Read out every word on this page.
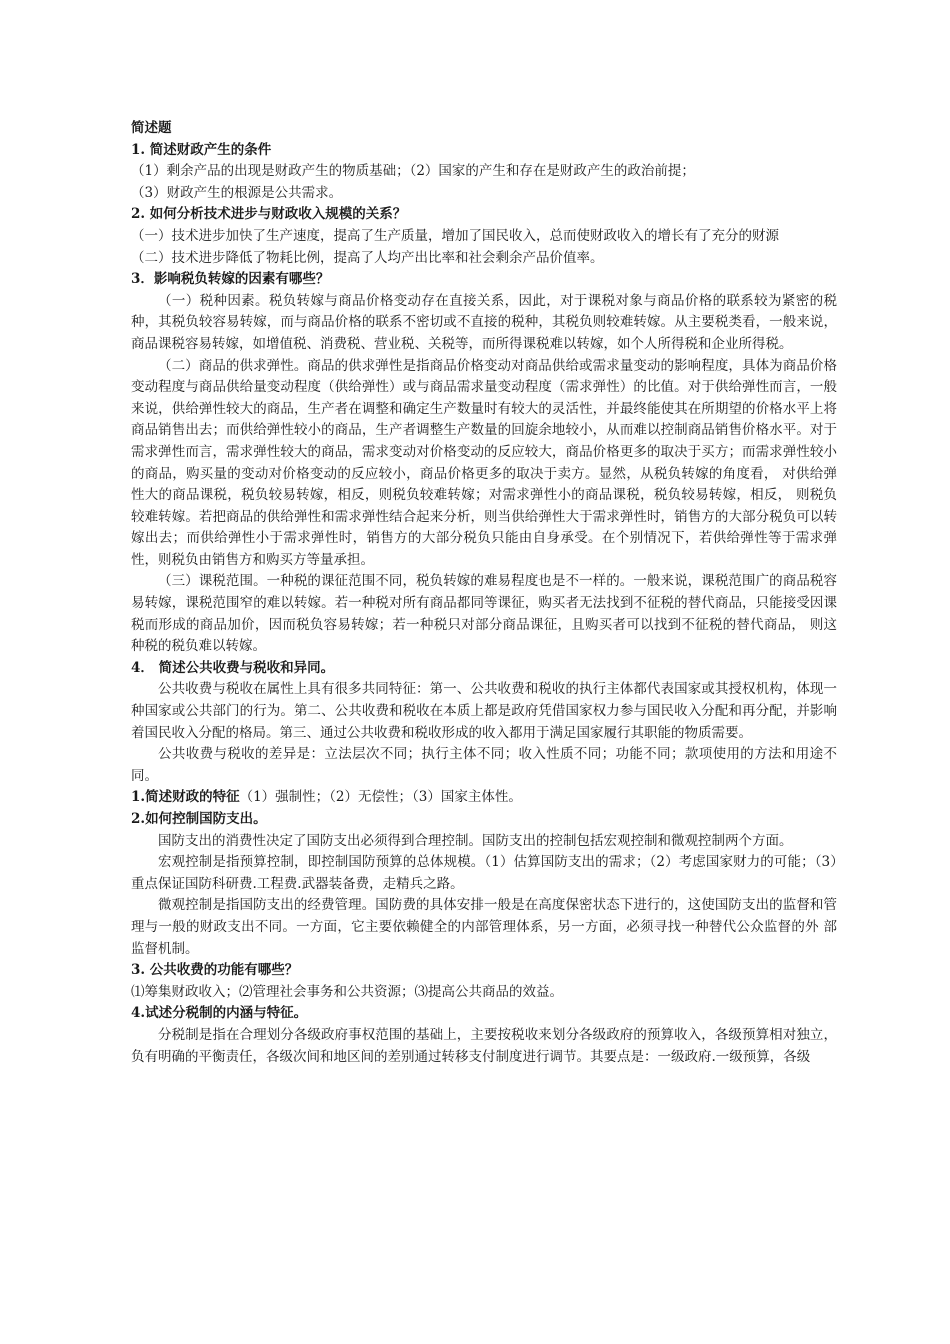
简述题

1. 简述财政产生的条件

（1）剩余产品的出现是财政产生的物质基础；（2）国家的产生和存在是财政产生的政治前提；

（3）财政产生的根源是公共需求。

2. 如何分析技术进步与财政收入规模的关系？

（一）技术进步加快了生产速度，提高了生产质量，增加了国民收入，总而使财政收入的增长有了充分的财源

（二）技术进步降低了物耗比例，提高了人均产出比率和社会剩余产品价值率。

3．影响税负转嫁的因素有哪些？

（一）税种因素。税负转嫁与商品价格变动存在直接关系，因此，对于课税对象与商品价格的联系较为紧密的税种，其税负较容易转嫁，而与商品价格的联系不密切或不直接的税种，其税负则较难转嫁。从主要税类看，一般来说， 商品课税容易转嫁，如增值税、消费税、营业税、关税等，而所得课税难以转嫁，如个人所得税和企业所得税。

（二）商品的供求弹性。商品的供求弹性是指商品价格变动对商品供给或需求量变动的影响程度，具体为商品价格变动程度与商品供给量变动程度（供给弹性）或与商品需求量变动程度（需求弹性）的比值。对于供给弹性而言，一般来说，供给弹性较大的商品，生产者在调整和确定生产数量时有较大的灵活性，并最终能使其在所期望的价格水平上将商品销售出去；而供给弹性较小的商品，生产者调整生产数量的回旋余地较小，从而难以控制商品销售价格水平。对于需求弹性而言，需求弹性较大的商品，需求变动对价格变动的反应较大，商品价格更多的取决于买方；而需求弹性较小的商品，购买量的变动对价格变动的反应较小，商品价格更多的取决于卖方。显然，从税负转嫁的角度看， 对供给弹性大的商品课税，税负较易转嫁，相反，则税负较难转嫁；对需求弹性小的商品课税，税负较易转嫁，相反， 则税负较难转嫁。若把商品的供给弹性和需求弹性结合起来分析，则当供给弹性大于需求弹性时，销售方的大部分税负可以转嫁出去；而供给弹性小于需求弹性时，销售方的大部分税负只能由自身承受。在个别情况下，若供给弹性等于需求弹性，则税负由销售方和购买方等量承担。

（三）课税范围。一种税的课征范围不同，税负转嫁的难易程度也是不一样的。一般来说，课税范围广的商品税容易转嫁，课税范围窄的难以转嫁。若一种税对所有商品都同等课征，购买者无法找到不征税的替代商品，只能接受因课税而形成的商品加价，因而税负容易转嫁；若一种税只对部分商品课征，且购买者可以找到不征税的替代商品， 则这种税的税负难以转嫁。

4． 简述公共收费与税收和异同。

公共收费与税收在属性上具有很多共同特征：第一、公共收费和税收的执行主体都代表国家或其授权机构，体现一种国家或公共部门的行为。第二、公共收费和税收在本质上都是政府凭借国家权力参与国民收入分配和再分配，并影响着国民收入分配的格局。第三、通过公共收费和税收形成的收入都用于满足国家履行其职能的物质需要。

公共收费与税收的差异是：立法层次不同；执行主体不同；收入性质不同；功能不同；款项使用的方法和用途不同。

1.简述财政的特征（1）强制性；（2）无偿性；（3）国家主体性。

2.如何控制国防支出。

国防支出的消费性决定了国防支出必须得到合理控制。国防支出的控制包括宏观控制和微观控制两个方面。

宏观控制是指预算控制，即控制国防预算的总体规模。（1）估算国防支出的需求；（2）考虑国家财力的可能；（3）重点保证国防科研费.工程费.武器装备费，走精兵之路。

微观控制是指国防支出的经费管理。国防费的具体安排一般是在高度保密状态下进行的，这使国防支出的监督和管理与一般的财政支出不同。一方面，它主要依赖健全的内部管理体系，另一方面，必须寻找一种替代公众监督的外 部监督机制。

3. 公共收费的功能有哪些？

⑴筹集财政收入；⑵管理社会事务和公共资源；⑶提高公共商品的效益。

4.试述分税制的内涵与特征。

分税制是指在合理划分各级政府事权范围的基础上，主要按税收来划分各级政府的预算收入，各级预算相对独立，负有明确的平衡责任，各级次间和地区间的差别通过转移支付制度进行调节。其要点是：一级政府.一级预算，各级
